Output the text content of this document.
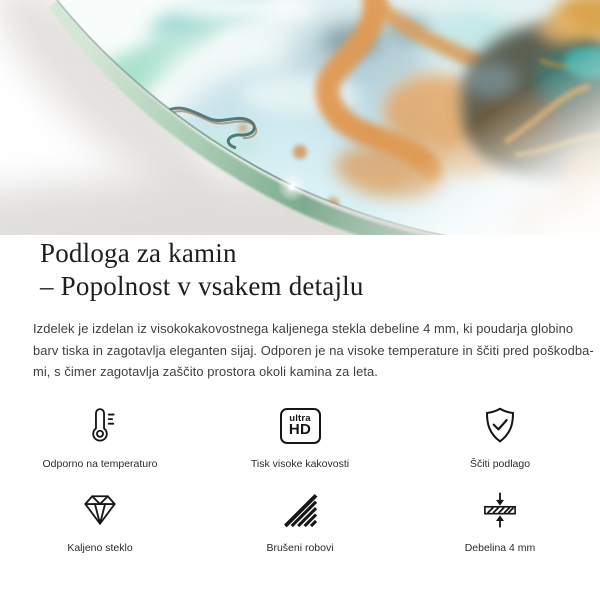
Podloga za kamin
– Popolnost v vsakem detajlu

Izdelek je izdelan iz visokokakovostnega kaljenega stekla debeline 4 mm, ki poudarja globino
barv tiska in zagotavlja eleganten sijaj. Odporen je na visoke temperature in ščiti pred poškodba-
mi, s čimer zagotavlja zaščito prostora okoli kamina za leta.

Odporno na temperaturo
ultra
HD
Tisk visoke kakovosti	Ščiti podlago
Kaljeno steklo	Brušeni robovi	Debelina 4 mm
